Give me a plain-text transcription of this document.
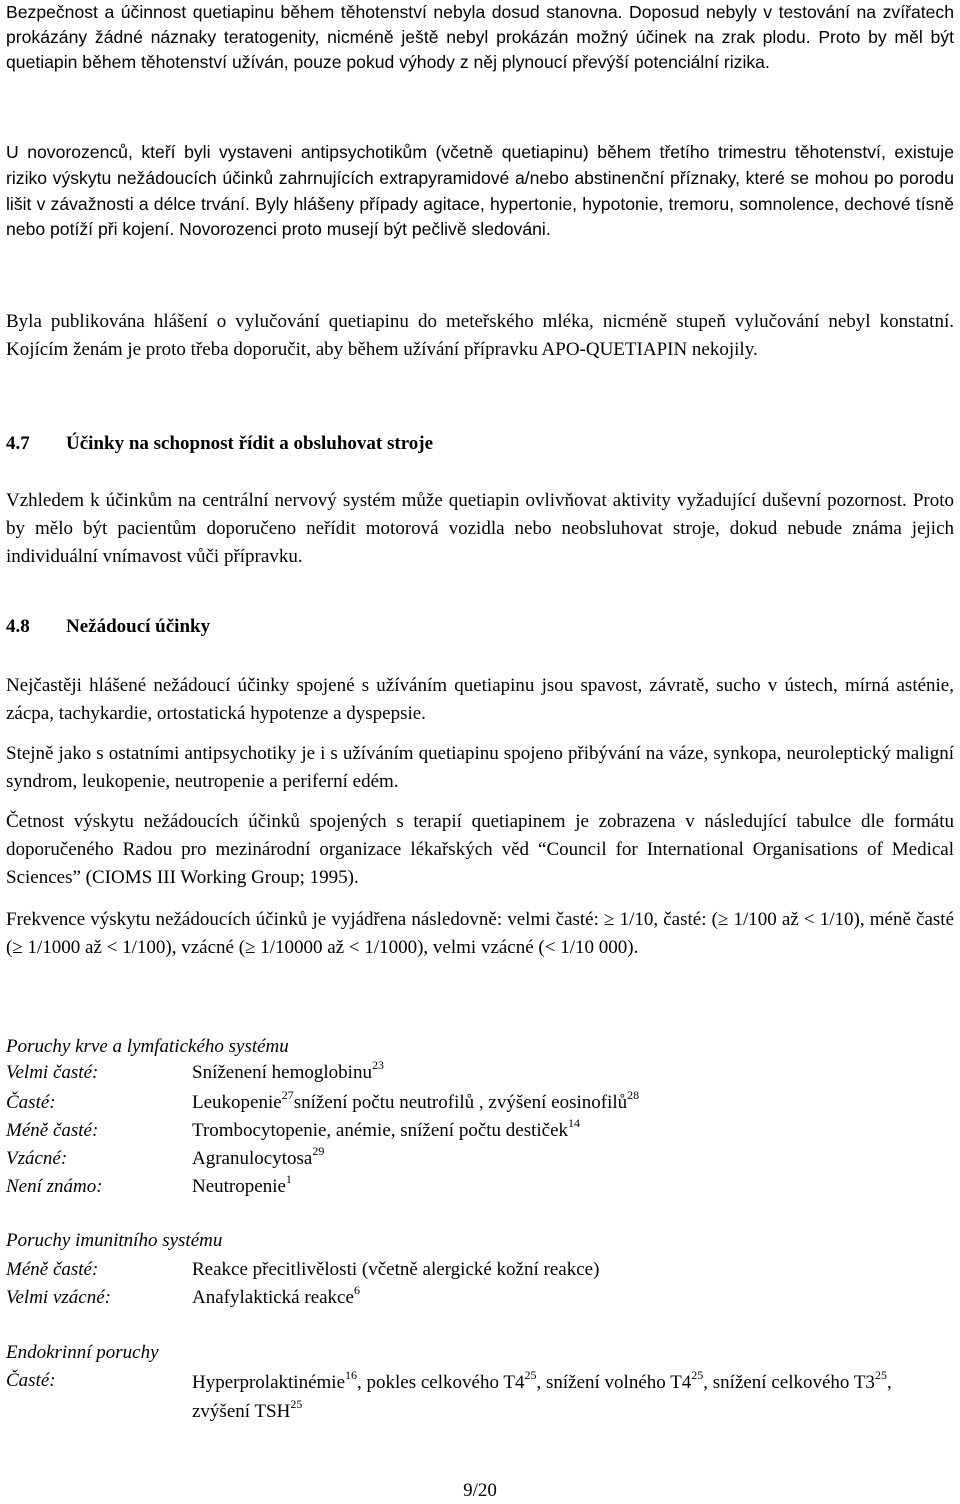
Bezpečnost a účinnost quetiapinu během těhotenství nebyla dosud stanovna. Doposud nebyly v testování na zvířatech prokázány žádné náznaky teratogenity, nicméně ještě nebyl prokázán možný účinek na zrak plodu. Proto by měl být quetiapin během těhotenství užíván, pouze pokud výhody z něj plynoucí převýší potenciální rizika.

U novorozenců, kteří byli vystaveni antipsychotikům (včetně quetiapinu) během třetího trimestru těhotenství, existuje riziko výskytu nežádoucích účinků zahrnujících extrapyramidové a/nebo abstinenční příznaky, které se mohou po porodu lišit v závažnosti a délce trvání. Byly hlášeny případy agitace, hypertonie, hypotonie, tremoru, somnolence, dechové tísně nebo potíží při kojení. Novorozenci proto musejí být pečlivě sledováni.

Byla publikována hlášení o vylučování quetiapinu do meteřského mléka, nicméně stupeň vylučování nebyl konstatní. Kojícím ženám je proto třeba doporučit, aby během užívání přípravku APO-QUETIAPIN nekojily.

4.7 Účinky na schopnost řídit a obsluhovat stroje

Vzhledem k účinkům na centrální nervový systém může quetiapin ovlivňovat aktivity vyžadující duševní pozornost. Proto by mělo být pacientům doporučeno neřídit motorová vozidla nebo neobsluhovat stroje, dokud nebude známa jejich individuální vnímavost vůči přípravku.

4.8 Nežádoucí účinky

Nejčastěji hlášené nežádoucí účinky spojené s užíváním quetiapinu jsou spavost, závratě, sucho v ústech, mírná asténie, zácpa, tachykardie, ortostatická hypotenze a dyspepsie.

Stejně jako s ostatními antipsychotiky je i s užíváním quetiapinu spojeno přibývání na váze, synkopa, neuroleptický maligní syndrom, leukopenie, neutropenie a periferní edém.

Četnost výskytu nežádoucích účinků spojených s terapií quetiapinem je zobrazena v následující tabulce dle formátu doporučeného Radou pro mezinárodní organizace lékařských věd “Council for International Organisations of Medical Sciences” (CIOMS III Working Group; 1995).

Frekvence výskytu nežádoucích účinků je vyjádřena následovně: velmi časté: ≥ 1/10, časté: (≥ 1/100 až < 1/10), méně časté (≥ 1/1000 až < 1/100), vzácné (≥ 1/10000 až < 1/1000), velmi vzácné (< 1/10 000).

Poruchy krve a lymfatického systému
Velmi časté:	Sníženení hemoglobinu$^{23}$
Časté:	Leukopenie$^{27}$snížení počtu neutrofilů , zvýšení eosinofilů$^{28}$
Méně časté:	Trombocytopenie, anémie, snížení počtu destiček$^{14}$
Vzácné:	Agranulocytosa$^{29}$
Není známo:	Neutropenie$^1$
Poruchy imunitního systému
Méně časté:	Reakce přecitlivělosti (včetně alergické kožní reakce)
Velmi vzácné:	Anafylaktická reakce$^6$
Endokrinní poruchy
Časté:	Hyperprolaktinémie$^{16}$, pokles celkového $T4^{25}$, snížení volného $T4^{25}$, snížení celkového $T3^{25}$, zvýšení TSH$^{25}$
9/20
